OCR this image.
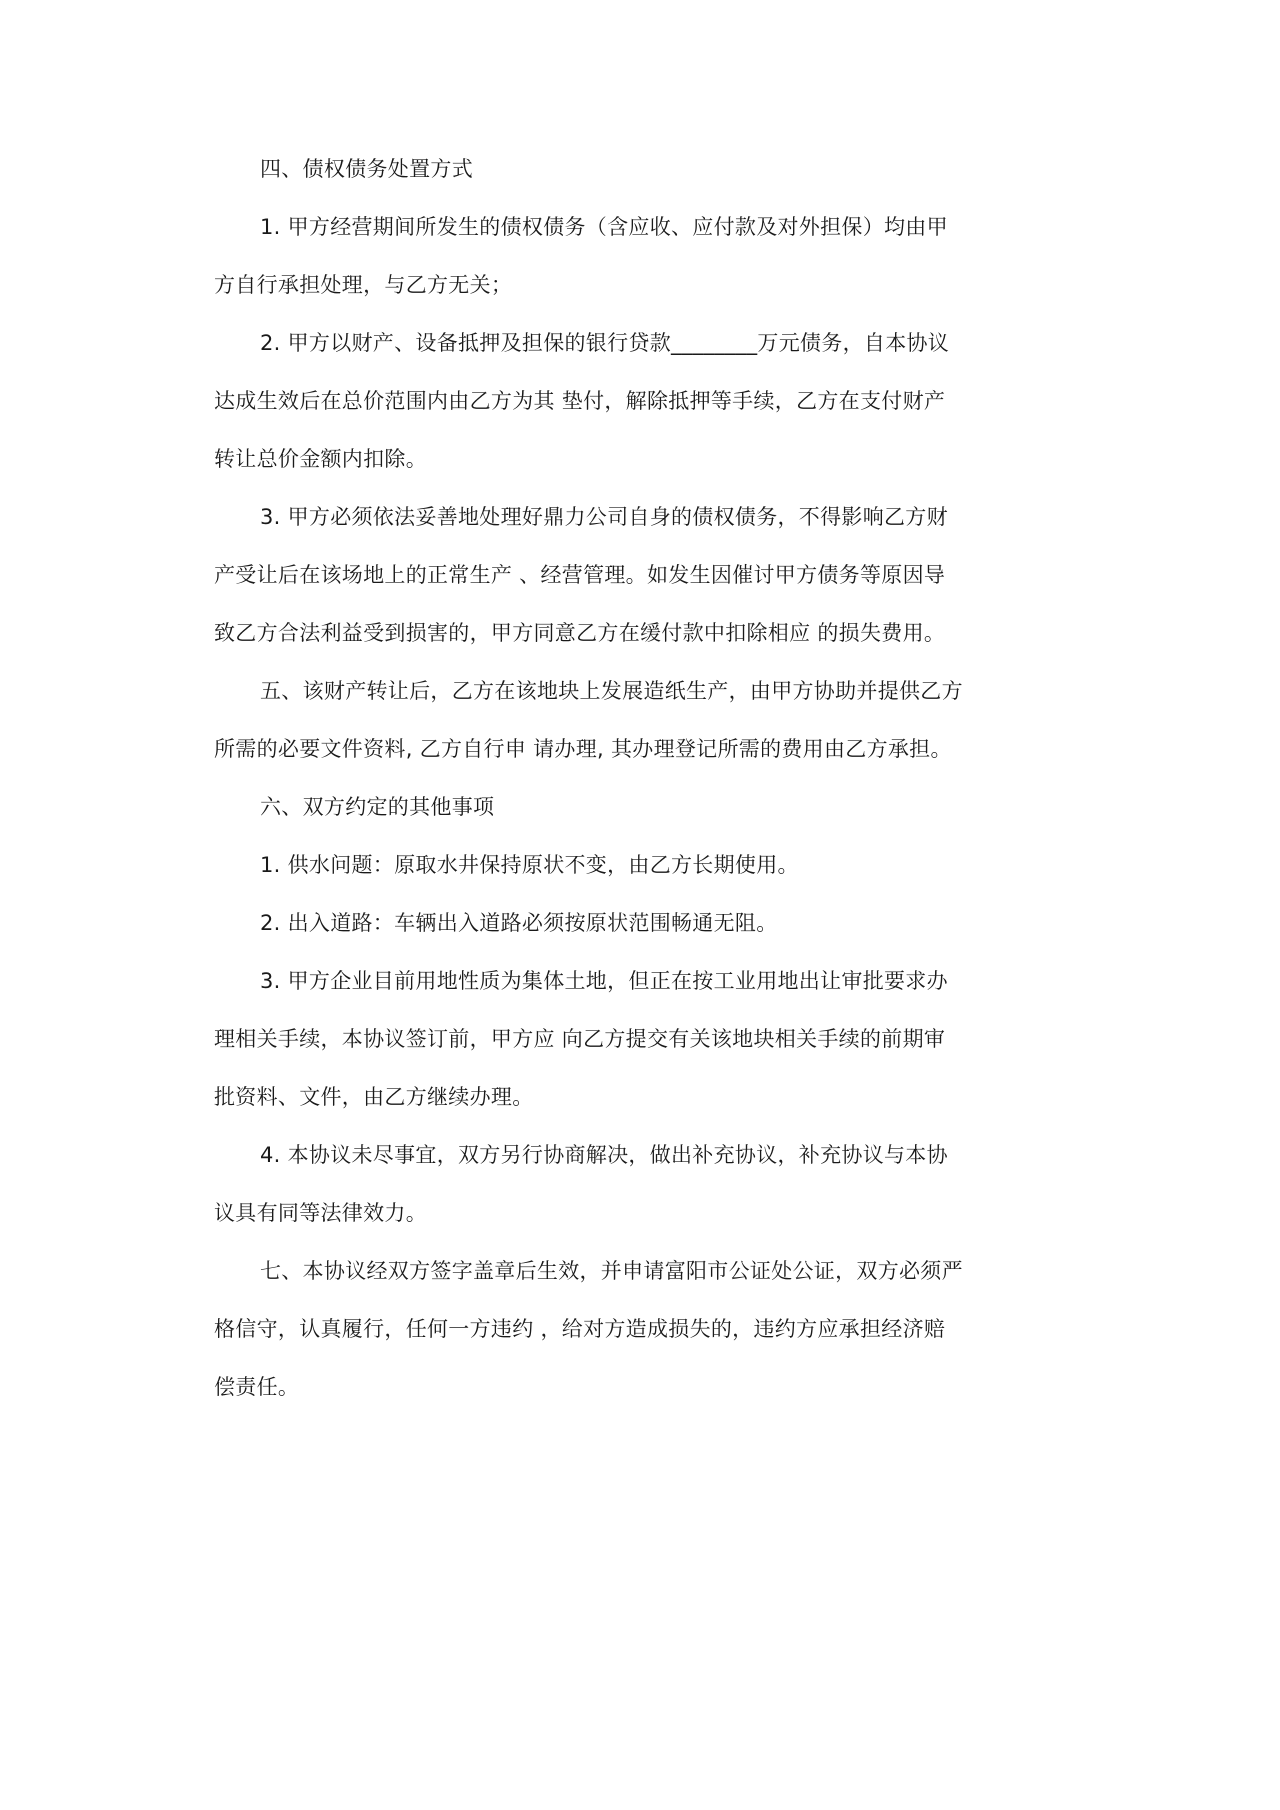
四、债权债务处置方式
1. 甲方经营期间所发生的债权债务（含应收、应付款及对外担保）均由甲
方自行承担处理，与乙方无关；
2. 甲方以财产、设备抵押及担保的银行贷款________万元债务，自本协议
达成生效后在总价范围内由乙方为其 垫付，解除抵押等手续，乙方在支付财产
转让总价金额内扣除。
3. 甲方必须依法妥善地处理好鼎力公司自身的债权债务，不得影响乙方财
产受让后在该场地上的正常生产 、经营管理。如发生因催讨甲方债务等原因导
致乙方合法利益受到损害的，甲方同意乙方在缓付款中扣除相应 的损失费用。
五、该财产转让后，乙方在该地块上发展造纸生产，由甲方协助并提供乙方
所需的必要文件资料, 乙方自行申 请办理, 其办理登记所需的费用由乙方承担。
六、双方约定的其他事项
1. 供水问题：原取水井保持原状不变，由乙方长期使用。
2. 出入道路：车辆出入道路必须按原状范围畅通无阻。
3. 甲方企业目前用地性质为集体土地，但正在按工业用地出让审批要求办
理相关手续，本协议签订前，甲方应 向乙方提交有关该地块相关手续的前期审
批资料、文件，由乙方继续办理。
4. 本协议未尽事宜，双方另行协商解决，做出补充协议，补充协议与本协
议具有同等法律效力。
七、本协议经双方签字盖章后生效，并申请富阳市公证处公证，双方必须严
格信守，认真履行，任何一方违约 ，给对方造成损失的，违约方应承担经济赔
偿责任。
